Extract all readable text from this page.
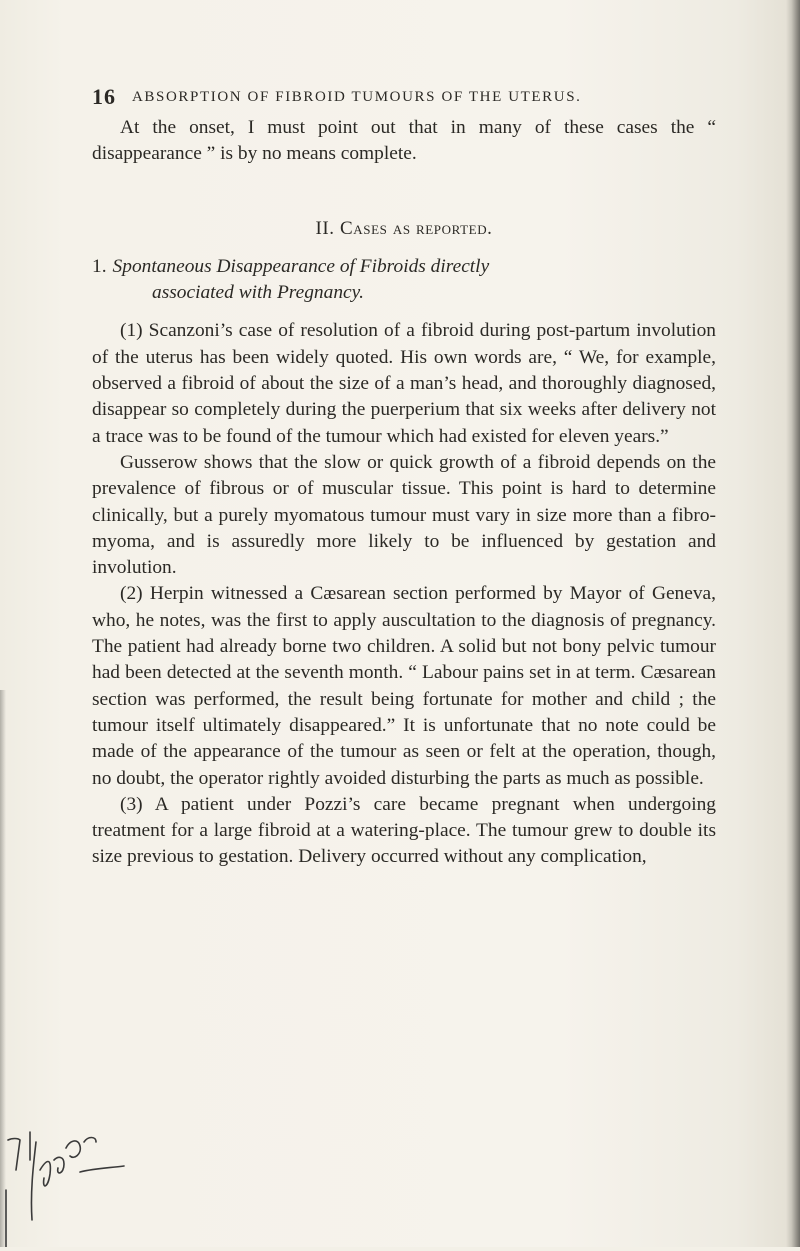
16 ABSORPTION OF FIBROID TUMOURS OF THE UTERUS.

At the onset, I must point out that in many of these cases the “ disappearance ” is by no means complete.

II. Cases as reported.

1. Spontaneous Disappearance of Fibroids directly
associated with Pregnancy.

(1) Scanzoni’s case of resolution of a fibroid during post-partum involution of the uterus has been widely quoted. His own words are, “ We, for example, observed a fibroid of about the size of a man’s head, and thoroughly diagnosed, disappear so completely during the puerperium that six weeks after delivery not a trace was to be found of the tumour which had existed for eleven years.”

Gusserow shows that the slow or quick growth of a fibroid depends on the prevalence of fibrous or of muscular tissue. This point is hard to determine clinically, but a purely myomatous tumour must vary in size more than a fibro-myoma, and is assuredly more likely to be influenced by gestation and involution.

(2) Herpin witnessed a Cæsarean section performed by Mayor of Geneva, who, he notes, was the first to apply auscultation to the diagnosis of pregnancy. The patient had already borne two children. A solid but not bony pelvic tumour had been detected at the seventh month. “ Labour pains set in at term. Cæsarean section was performed, the result being fortunate for mother and child ; the tumour itself ultimately disappeared.” It is unfortunate that no note could be made of the appearance of the tumour as seen or felt at the operation, though, no doubt, the operator rightly avoided disturbing the parts as much as possible.

(3) A patient under Pozzi’s care became pregnant when undergoing treatment for a large fibroid at a watering-place. The tumour grew to double its size previous to gestation. Delivery occurred without any complication,
